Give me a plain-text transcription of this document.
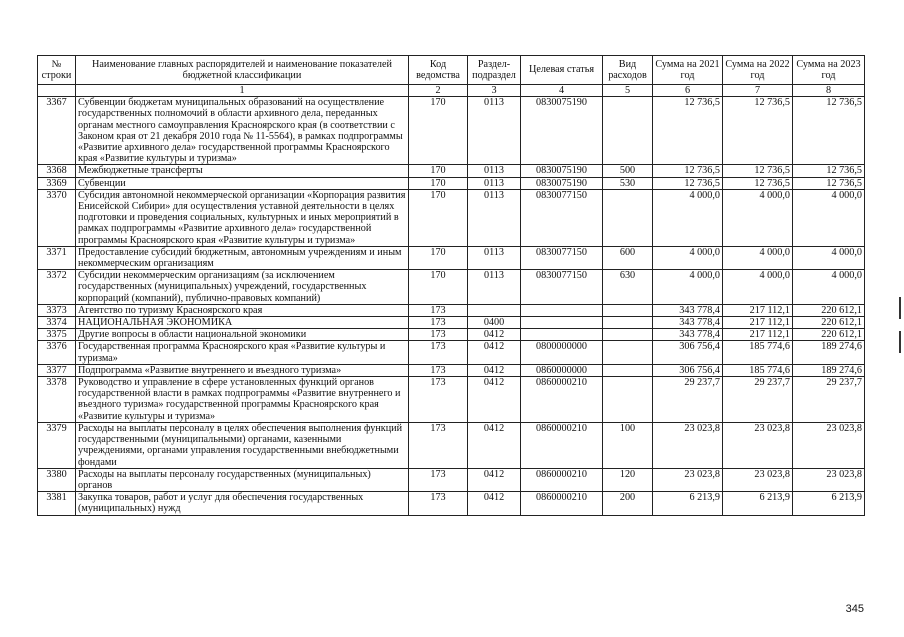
№ строки	Наименование главных распорядителей и наименование показателей бюджетной классификации	Код ведомства	Раздел-подраздел	Целевая статья	Вид расходов	Сумма на 2021 год	Сумма на 2022 год	Сумма на 2023 год
	1	2	3	4	5	6	7	8
3367	Субвенции бюджетам муниципальных образований на осуществление государственных полномочий в области архивного дела, переданных органам местного самоуправления Красноярского края (в соответствии с Законом края от 21 декабря 2010 года № 11-5564), в рамках подпрограммы «Развитие архивного дела» государственной программы Красноярского края «Развитие культуры и туризма»	170	0113	0830075190		12 736,5	12 736,5	12 736,5
3368	Межбюджетные трансферты	170	0113	0830075190	500	12 736,5	12 736,5	12 736,5
3369	Субвенции	170	0113	0830075190	530	12 736,5	12 736,5	12 736,5
3370	Субсидия автономной некоммерческой организации «Корпорация развития Енисейской Сибири» для осуществления уставной деятельности в целях подготовки и проведения социальных, культурных и иных мероприятий в рамках подпрограммы «Развитие архивного дела» государственной программы Красноярского края «Развитие культуры и туризма»	170	0113	0830077150		4 000,0	4 000,0	4 000,0
3371	Предоставление субсидий бюджетным, автономным учреждениям и иным некоммерческим организациям	170	0113	0830077150	600	4 000,0	4 000,0	4 000,0
3372	Субсидии некоммерческим организациям (за исключением государственных (муниципальных) учреждений, государственных корпораций (компаний), публично-правовых компаний)	170	0113	0830077150	630	4 000,0	4 000,0	4 000,0
3373	Агентство по туризму Красноярского края	173				343 778,4	217 112,1	220 612,1
3374	НАЦИОНАЛЬНАЯ ЭКОНОМИКА	173	0400			343 778,4	217 112,1	220 612,1
3375	Другие вопросы в области национальной экономики	173	0412			343 778,4	217 112,1	220 612,1
3376	Государственная программа Красноярского края «Развитие культуры и туризма»	173	0412	0800000000		306 756,4	185 774,6	189 274,6
3377	Подпрограмма «Развитие внутреннего и въездного туризма»	173	0412	0860000000		306 756,4	185 774,6	189 274,6
3378	Руководство и управление в сфере установленных функций органов государственной власти в рамках подпрограммы «Развитие внутреннего и въездного туризма» государственной программы Красноярского края «Развитие культуры и туризма»	173	0412	0860000210		29 237,7	29 237,7	29 237,7
3379	Расходы на выплаты персоналу в целях обеспечения выполнения функций государственными (муниципальными) органами, казенными учреждениями, органами управления государственными внебюджетными фондами	173	0412	0860000210	100	23 023,8	23 023,8	23 023,8
3380	Расходы на выплаты персоналу государственных (муниципальных) органов	173	0412	0860000210	120	23 023,8	23 023,8	23 023,8
3381	Закупка товаров, работ и услуг для обеспечения государственных (муниципальных) нужд	173	0412	0860000210	200	6 213,9	6 213,9	6 213,9
345
